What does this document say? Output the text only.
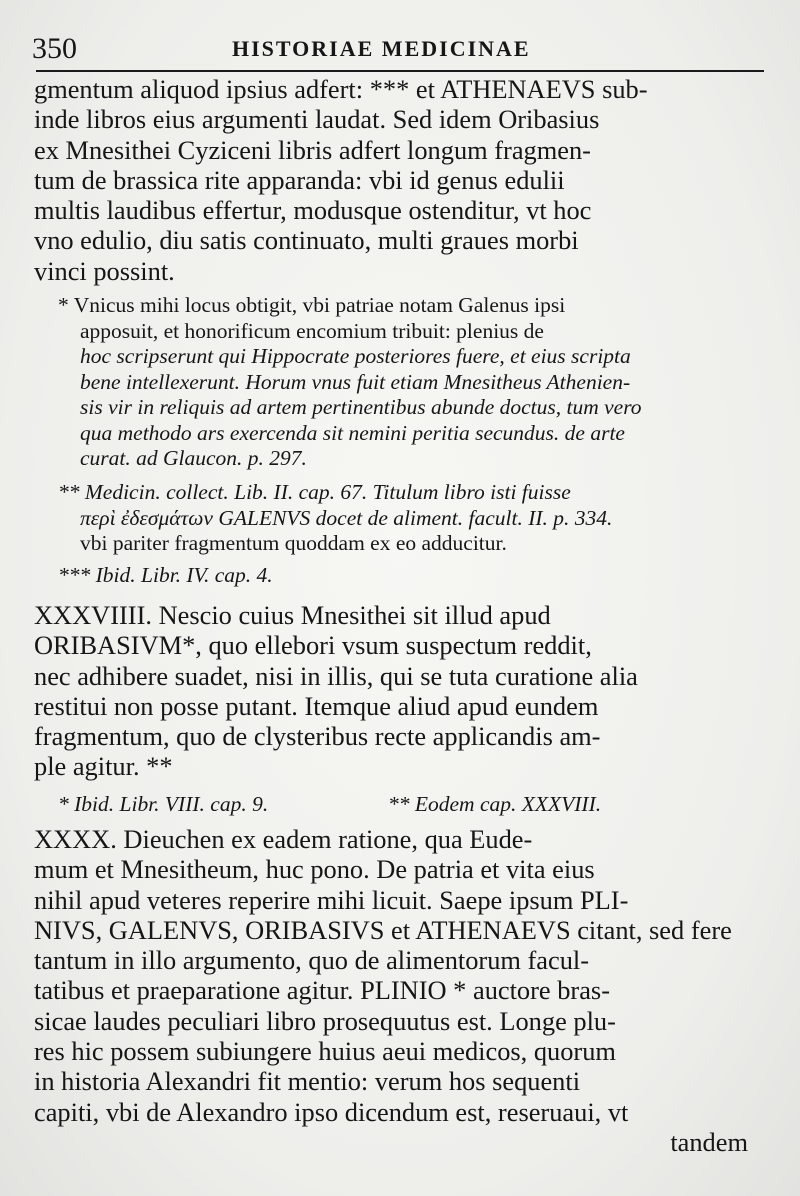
350	HISTORIAE MEDICINAE
gmentum aliquod ipsius adfert: *** et ATHENAEVS sub-
inde libros eius argumenti laudat. Sed idem Oribasius
ex Mnesithei Cyziceni libris adfert longum fragmen-
tum de brassica rite apparanda: vbi id genus edulii
multis laudibus effertur, modusque ostenditur, vt hoc
vno edulio, diu satis continuato, multi graues morbi
vinci possint.
* Vnicus mihi locus obtigit, vbi patriae notam Galenus ipsi
apposuit, et honorificum encomium tribuit: plenius de
hoc scripserunt qui Hippocrate posteriores fuere, et eius scripta
bene intellexerunt. Horum vnus fuit etiam Mnesitheus Athenien-
sis vir in reliquis ad artem pertinentibus abunde doctus, tum vero
qua methodo ars exercenda sit nemini peritia secundus. de arte
curat. ad Glaucon. p. 297.
** Medicin. collect. Lib. II. cap. 67. Titulum libro isti fuisse
περὶ ἐδεσμάτων GALENVS docet de aliment. facult. II. p. 334.
vbi pariter fragmentum quoddam ex eo adducitur.
*** Ibid. Libr. IV. cap. 4.
XXXVIIII. Nescio cuius Mnesithei sit illud apud
ORIBASIVM*, quo ellebori vsum suspectum reddit,
nec adhibere suadet, nisi in illis, qui se tuta curatione alia
restitui non posse putant. Itemque aliud apud eundem
fragmentum, quo de clysteribus recte applicandis am-
ple agitur. **
* Ibid. Libr. VIII. cap. 9.	** Eodem cap. XXXVIII.
XXXX. Dieuchen ex eadem ratione, qua Eude-
mum et Mnesitheum, huc pono. De patria et vita eius
nihil apud veteres reperire mihi licuit. Saepe ipsum PLI-
NIVS, GALENVS, ORIBASIVS et ATHENAEVS citant, sed fere
tantum in illo argumento, quo de alimentorum facul-
tatibus et praeparatione agitur. PLINIO * auctore bras-
sicae laudes peculiari libro prosequutus est. Longe plu-
res hic possem subiungere huius aeui medicos, quorum
in historia Alexandri fit mentio: verum hos sequenti
capiti, vbi de Alexandro ipso dicendum est, reseruaui, vt
tandem
